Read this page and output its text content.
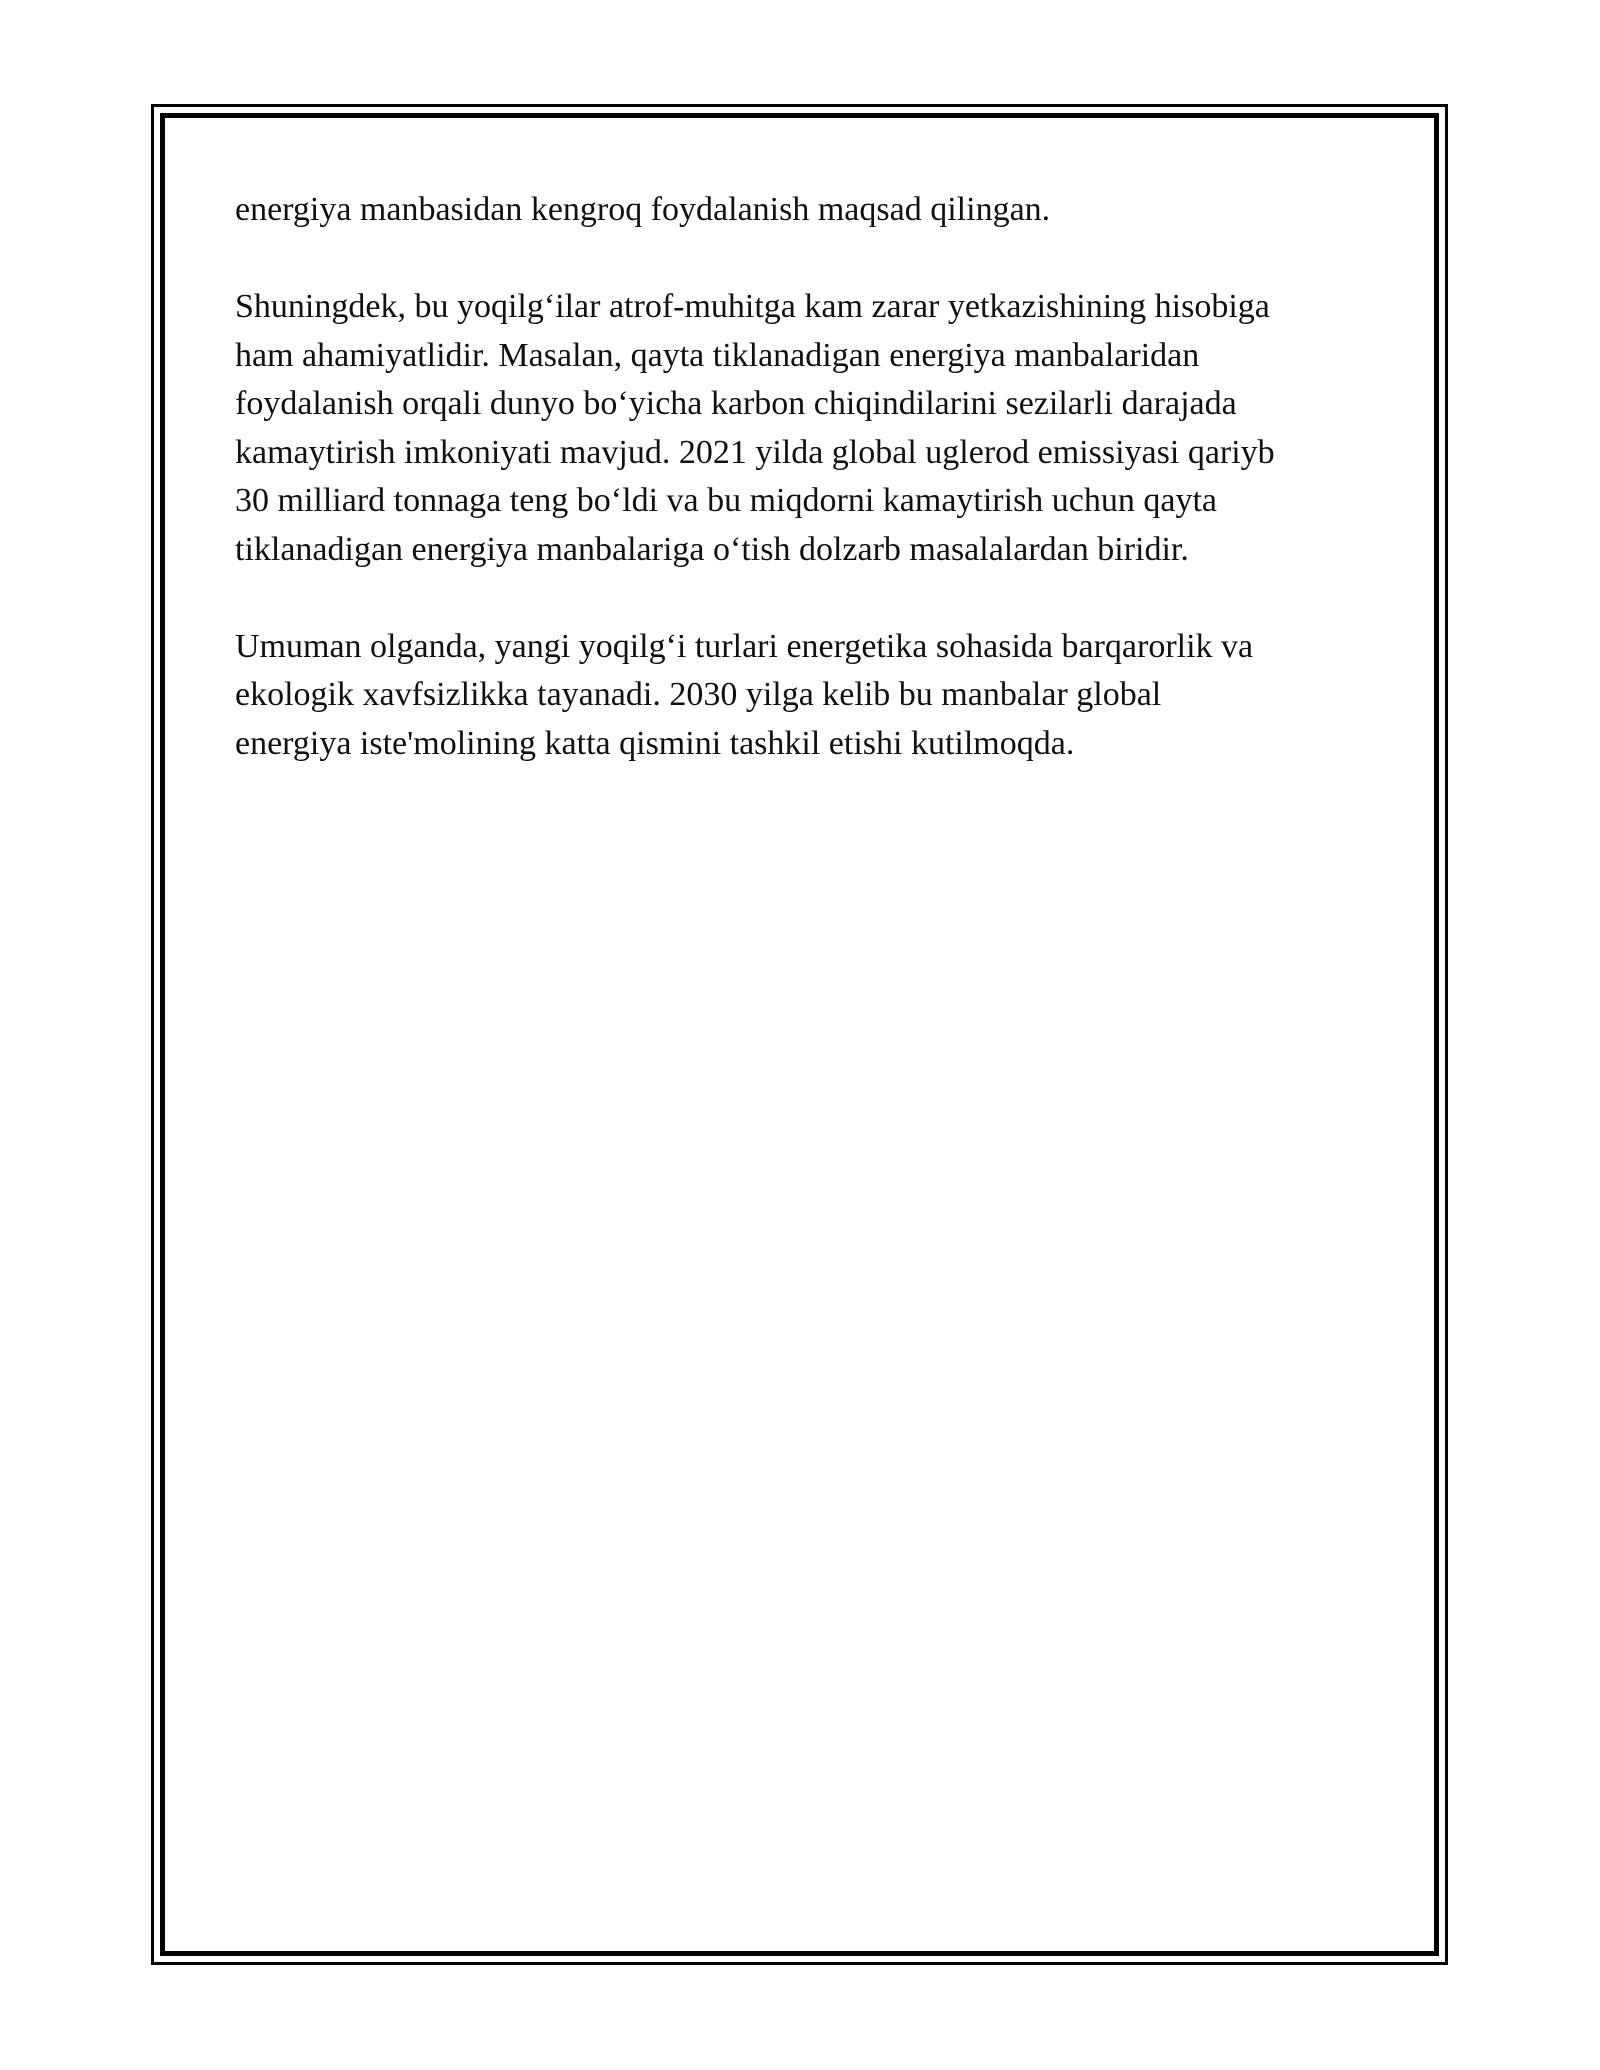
energiya manbasidan kengroq foydalanish maqsad qilingan.

Shuningdek, bu yoqilg‘ilar atrof-muhitga kam zarar yetkazishining hisobiga
ham ahamiyatlidir. Masalan, qayta tiklanadigan energiya manbalaridan
foydalanish orqali dunyo bo‘yicha karbon chiqindilarini sezilarli darajada
kamaytirish imkoniyati mavjud. 2021 yilda global uglerod emissiyasi qariyb
30 milliard tonnaga teng bo‘ldi va bu miqdorni kamaytirish uchun qayta
tiklanadigan energiya manbalariga o‘tish dolzarb masalalardan biridir.

Umuman olganda, yangi yoqilg‘i turlari energetika sohasida barqarorlik va
ekologik xavfsizlikka tayanadi. 2030 yilga kelib bu manbalar global
energiya iste'molining katta qismini tashkil etishi kutilmoqda.
